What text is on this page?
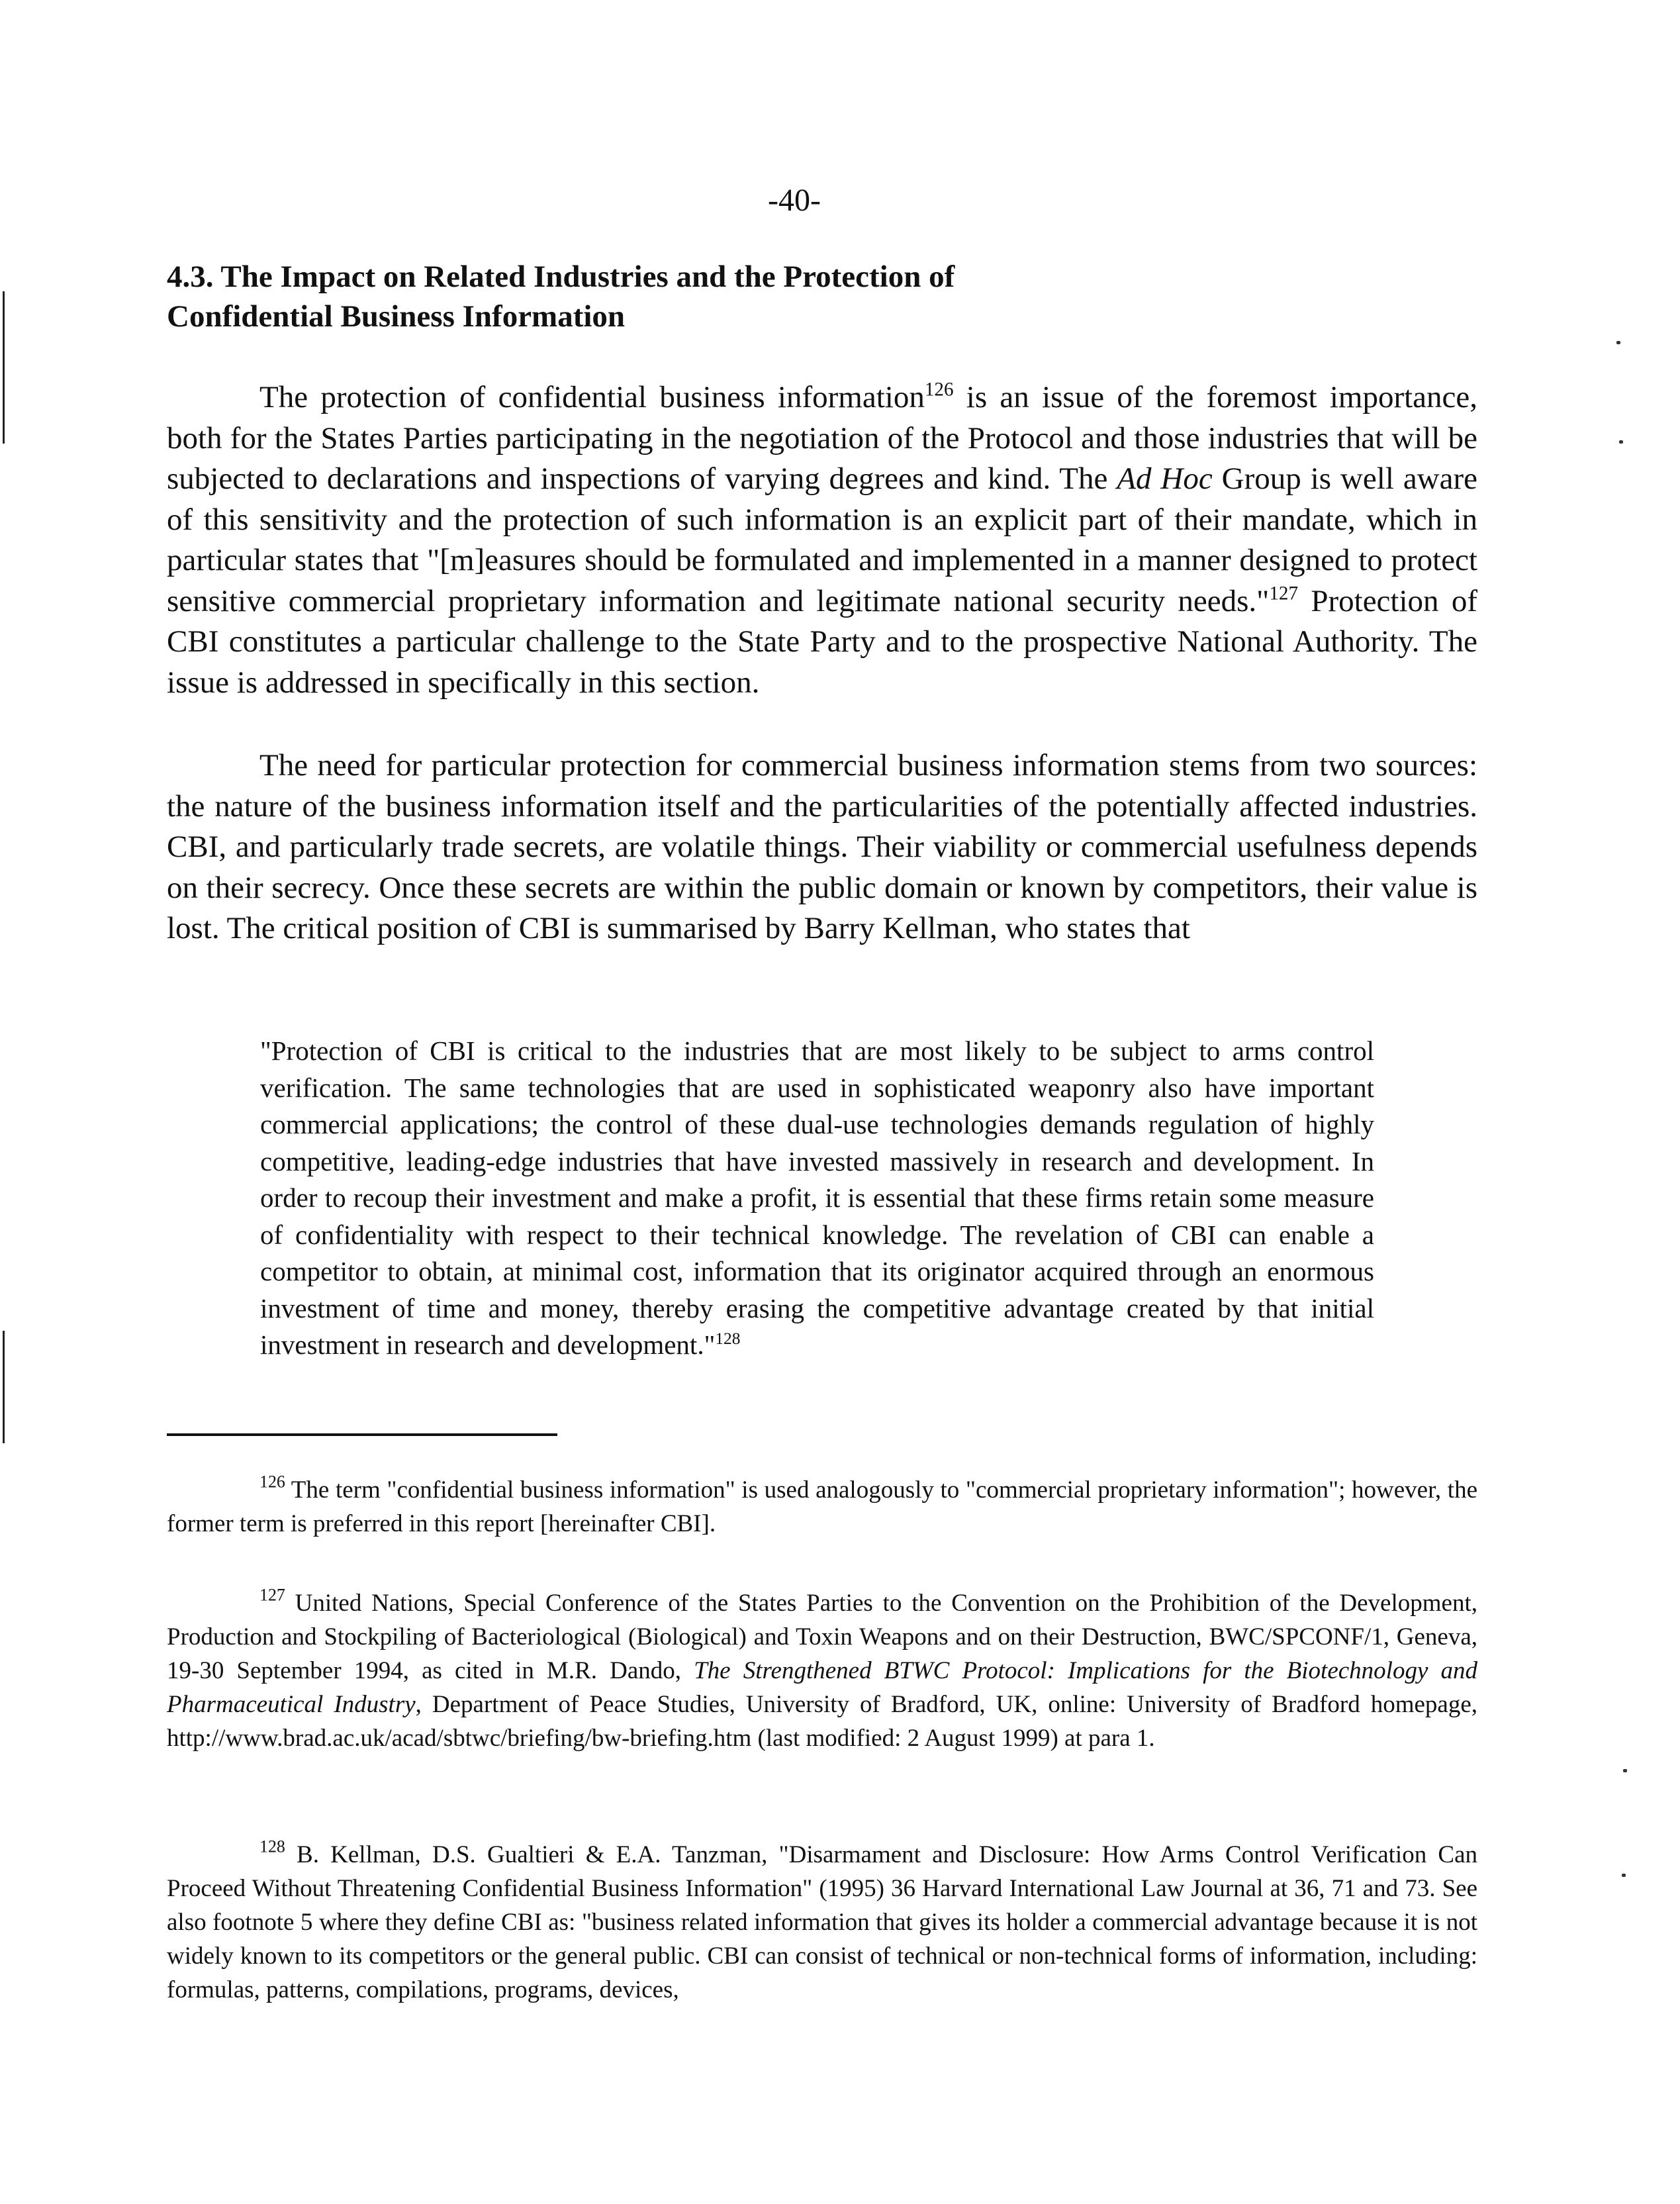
-40-
4.3. The Impact on Related Industries and the Protection of
Confidential Business Information

The protection of confidential business information$^{126}$ is an issue of the foremost importance, both for the States Parties participating in the negotiation of the Protocol and those industries that will be subjected to declarations and inspections of varying degrees and kind. The Ad Hoc Group is well aware of this sensitivity and the protection of such information is an explicit part of their mandate, which in particular states that "[m]easures should be formulated and implemented in a manner designed to protect sensitive commercial proprietary information and legitimate national security needs."$^{127}$ Protection of CBI constitutes a particular challenge to the State Party and to the prospective National Authority. The issue is addressed in specifically in this section.

The need for particular protection for commercial business information stems from two sources: the nature of the business information itself and the particularities of the potentially affected industries. CBI, and particularly trade secrets, are volatile things. Their viability or commercial usefulness depends on their secrecy. Once these secrets are within the public domain or known by competitors, their value is lost. The critical position of CBI is summarised by Barry Kellman, who states that

"Protection of CBI is critical to the industries that are most likely to be subject to arms control verification. The same technologies that are used in sophisticated weaponry also have important commercial applications; the control of these dual-use technologies demands regulation of highly competitive, leading-edge industries that have invested massively in research and development. In order to recoup their investment and make a profit, it is essential that these firms retain some measure of confidentiality with respect to their technical knowledge. The revelation of CBI can enable a competitor to obtain, at minimal cost, information that its originator acquired through an enormous investment of time and money, thereby erasing the competitive advantage created by that initial investment in research and development."$^{128}$

$^{126}$ The term "confidential business information" is used analogously to "commercial proprietary information"; however, the former term is preferred in this report [hereinafter CBI].

$^{127}$ United Nations, Special Conference of the States Parties to the Convention on the Prohibition of the Development, Production and Stockpiling of Bacteriological (Biological) and Toxin Weapons and on their Destruction, BWC/SPCONF/1, Geneva, 19-30 September 1994, as cited in M.R. Dando, The Strengthened BTWC Protocol: Implications for the Biotechnology and Pharmaceutical Industry, Department of Peace Studies, University of Bradford, UK, online: University of Bradford homepage, http://www.brad.ac.uk/acad/sbtwc/briefing/bw-briefing.htm (last modified: 2 August 1999) at para 1.

$^{128}$ B. Kellman, D.S. Gualtieri & E.A. Tanzman, "Disarmament and Disclosure: How Arms Control Verification Can Proceed Without Threatening Confidential Business Information" (1995) 36 Harvard International Law Journal at 36, 71 and 73. See also footnote 5 where they define CBI as: "business related information that gives its holder a commercial advantage because it is not widely known to its competitors or the general public. CBI can consist of technical or non-technical forms of information, including: formulas, patterns, compilations, programs, devices,
